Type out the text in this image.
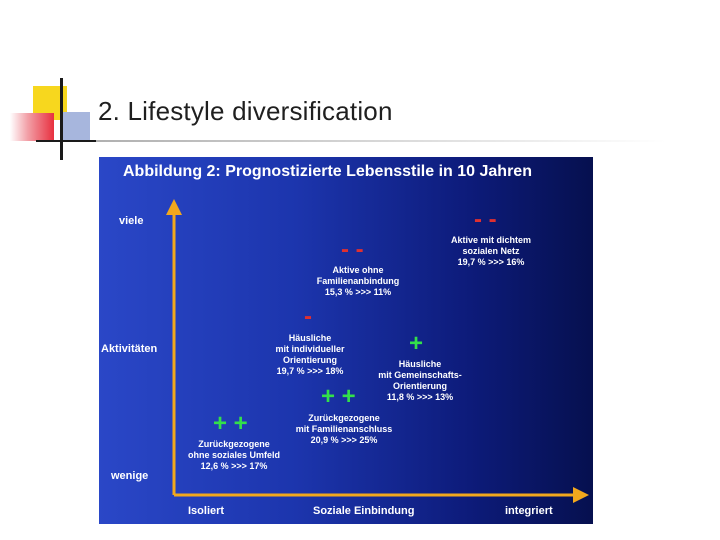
2. Lifestyle diversification
Abbildung 2: Prognostizierte Lebensstile in 10 Jahren
viele
Aktivitäten
wenige
Isoliert	Soziale Einbindung	integriert
- -
Aktive mit dichtem
sozialen Netz
19,7 % >>> 16%
- -
Aktive ohne
Familienanbindung
15,3 % >>> 11%
-
Häusliche
mit individueller
Orientierung
19,7 % >>> 18%
+
Häusliche
mit Gemeinschafts-
Orientierung
11,8 % >>> 13%
+ +
Zurückgezogene
mit Familienanschluss
20,9 % >>> 25%
+ +
Zurückgezogene
ohne soziales Umfeld
12,6 % >>> 17%
